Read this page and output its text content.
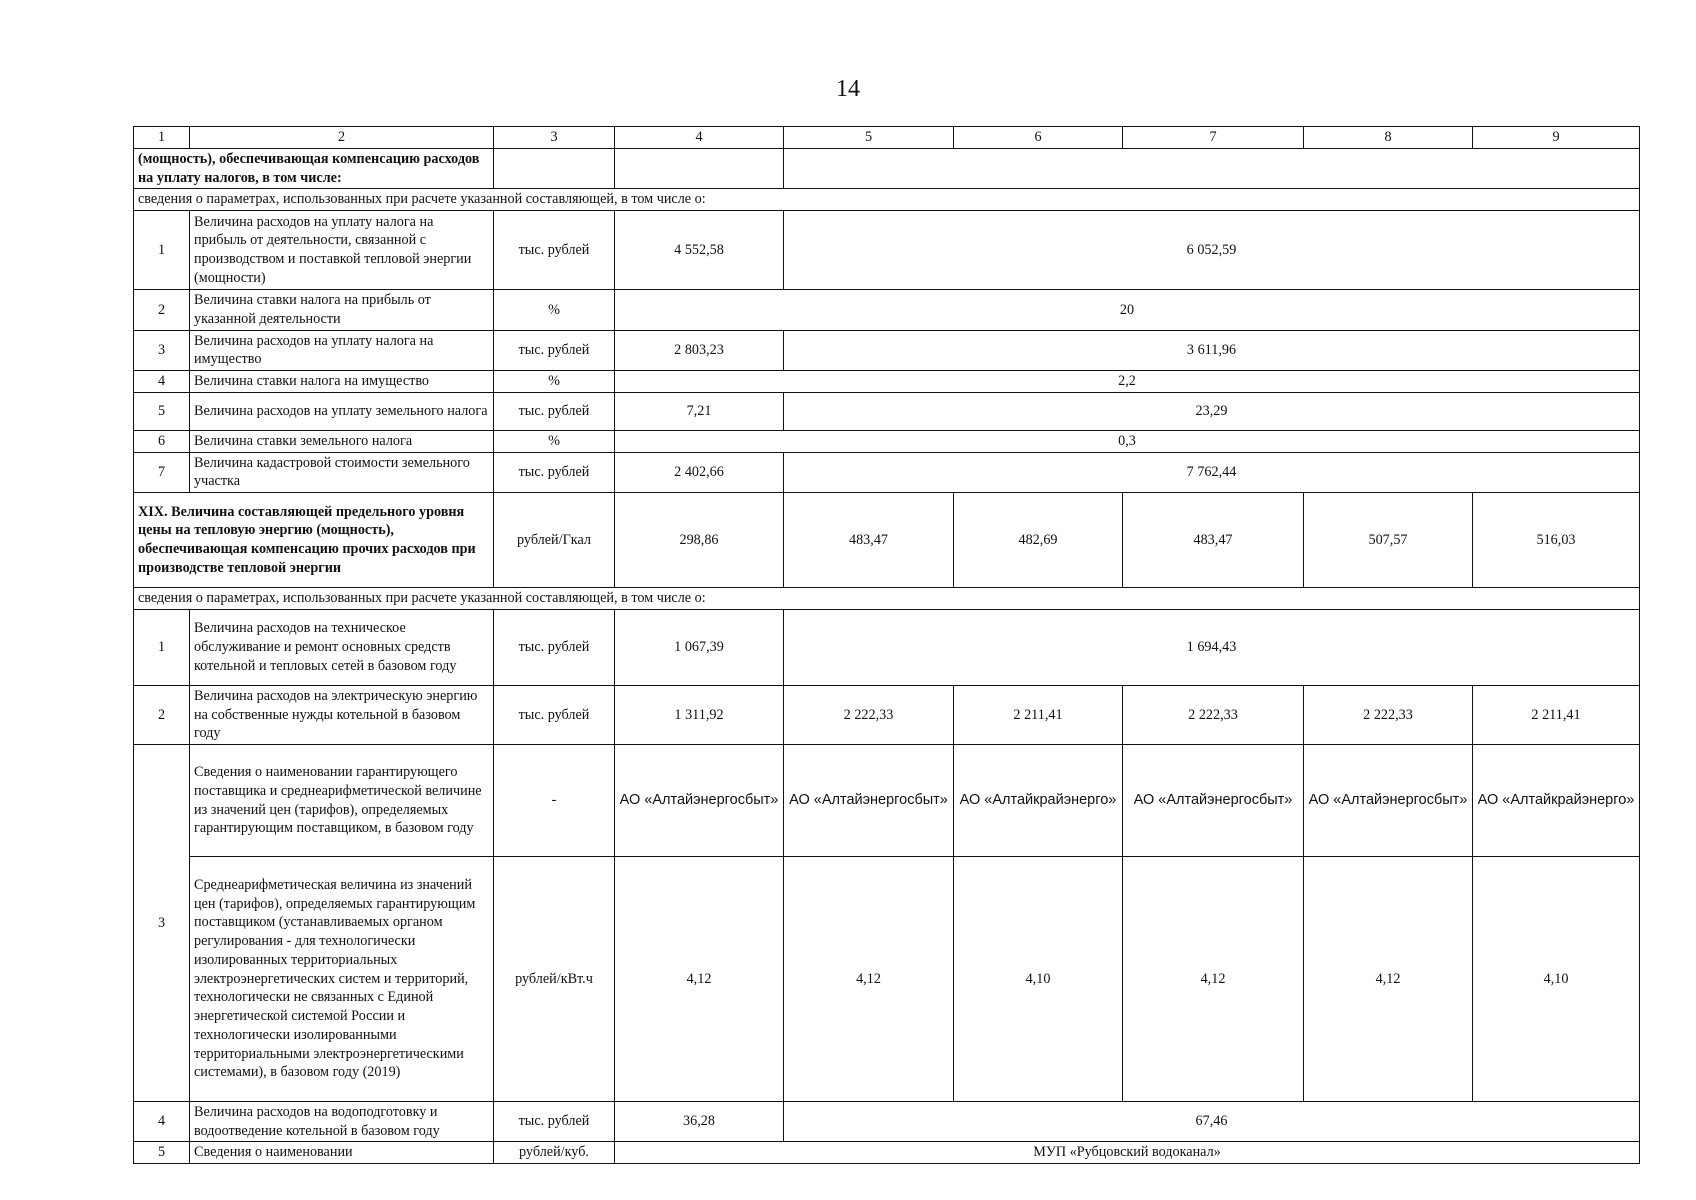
14
1	2	3	4	5	6	7	8	9
(мощность), обеспечивающая компенсацию расходов на уплату налогов, в том числе:								
сведения о параметрах, использованных при расчете указанной составляющей, в том числе о:								
1	Величина расходов на уплату налога на прибыль от деятельности, связанной с производством и поставкой тепловой энергии (мощности)	тыс. рублей	4 552,58	6 052,59				
2	Величина ставки налога на прибыль от указанной деятельности	%	20					
3	Величина расходов на уплату налога на имущество	тыс. рублей	2 803,23	3 611,96				
4	Величина ставки налога на имущество	%	2,2					
5	Величина расходов на уплату земельного налога	тыс. рублей	7,21	23,29				
6	Величина ставки земельного налога	%	0,3					
7	Величина кадастровой стоимости земельного участка	тыс. рублей	2 402,66	7 762,44				
XIX. Величина составляющей предельного уровня цены на тепловую энергию (мощность), обеспечивающая компенсацию прочих расходов при производстве тепловой энергии		рублей/Гкал	298,86	483,47	482,69	483,47	507,57	516,03
сведения о параметрах, использованных при расчете указанной составляющей, в том числе о:								
1	Величина расходов на техническое обслуживание и ремонт основных средств котельной и тепловых сетей в базовом году	тыс. рублей	1 067,39	1 694,43				
2	Величина расходов на электрическую энергию на собственные нужды котельной в базовом году	тыс. рублей	1 311,92	2 222,33	2 211,41	2 222,33	2 222,33	2 211,41
3	Сведения о наименовании гарантирующего поставщика и среднеарифметической величине из значений цен (тарифов), определяемых гарантирующим поставщиком, в базовом году	-	АО «Алтайэнергосбыт»	АО «Алтайэнергосбыт»	АО «Алтайкрайэнерго»	АО «Алтайэнергосбыт»	АО «Алтайэнергосбыт»	АО «Алтайкрайэнерго»
	Среднеарифметическая величина из значений цен (тарифов), определяемых гарантирующим поставщиком (устанавливаемых органом регулирования - для технологически изолированных территориальных электроэнергетических систем и территорий, технологически не связанных с Единой энергетической системой России и технологически изолированными территориальными электроэнергетическими системами), в базовом году (2019)	рублей/кВт.ч	4,12	4,12	4,10	4,12	4,12	4,10
4	Величина расходов на водоподготовку и водоотведение котельной в базовом году	тыс. рублей	36,28	67,46				
5	Сведения о наименовании	рублей/куб.	МУП «Рубцовский водоканал»					
